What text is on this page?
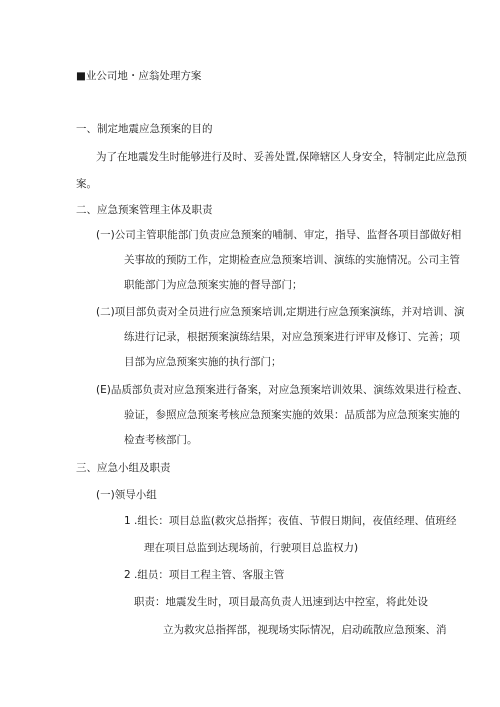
■业公司地・应翁处理方案
一、制定地震应急预案的目的
为了在地震发生时能够进行及时、妥善处置,保障辖区人身安全，特制定此应急预
案。
二、应急预案管理主体及职责
(一)公司主管职能部门负责应急预案的哺制、审定，指导、监督各项目部做好相
关事故的预防工作，定期检查应急预案培训、演练的实施情况。公司主管
职能部门为应急预案实施的督导部门；
(二)项目部负责对全员进行应急预案培训,定期进行应急预案演练，并对培训、演
练进行记录，根据预案演练结果，对应急预案进行评审及修订、完善；项
目部为应急预案实施的执行部门；
(E)品质部负责对应急预案进行备案，对应急预案培训效果、演练效果进行检查、
验证，参照应急预案考核应急预案实施的效果：品质部为应急预案实施的
检查考核部门。
三、应急小组及职责
(一)领导小组
1 .组长：项目总监(救灾总指挥；夜值、节假日期间，夜值经理、值班经
理在项目总监到达现场前，行驶项目总监权力)
2 .组员：项目工程主管、客服主管
职责：地震发生时，项目最高负责人迅速到达中控室，将此处设
立为救灾总指挥部，视现场实际情况，启动疏散应急预案、消
